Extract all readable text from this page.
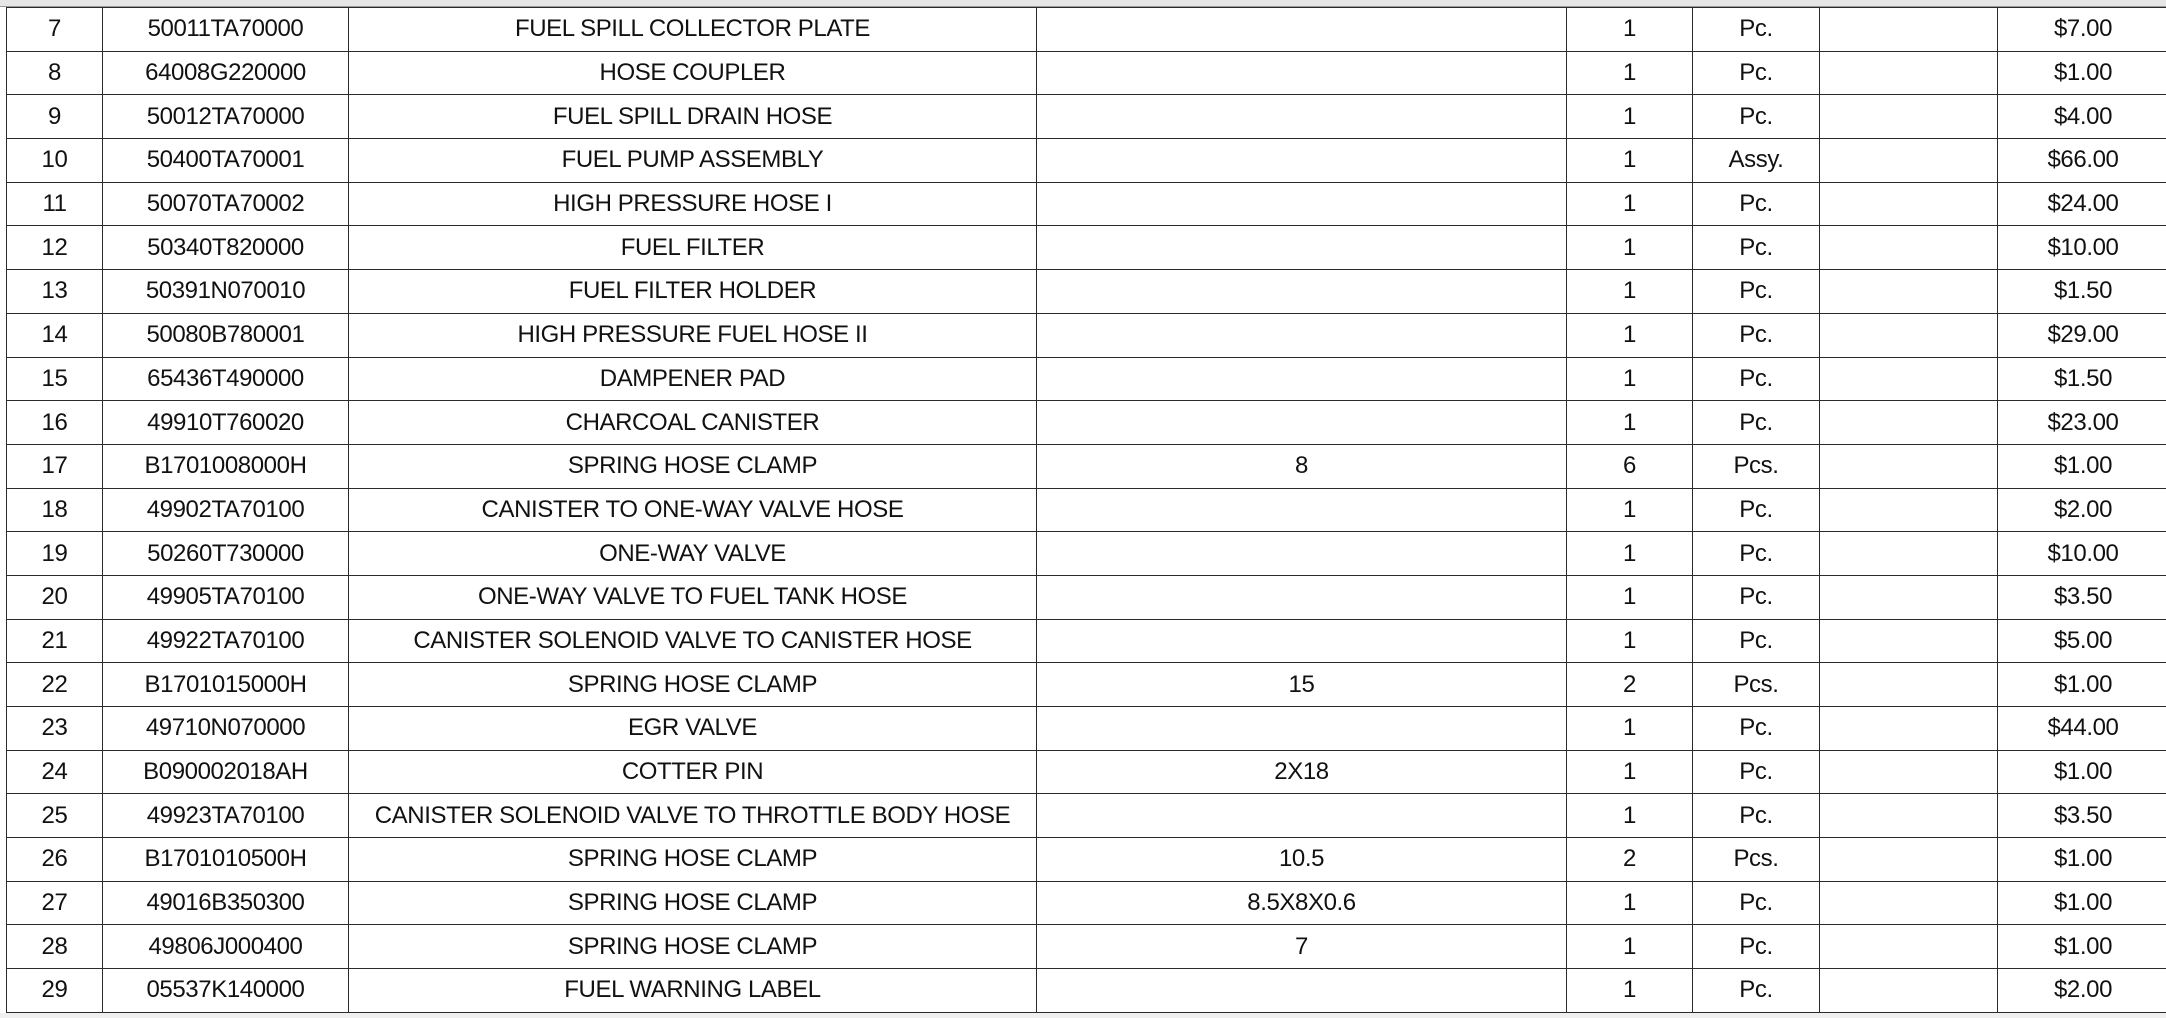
7	50011TA70000	FUEL SPILL COLLECTOR PLATE		1	Pc.		$7.00
8	64008G220000	HOSE COUPLER		1	Pc.		$1.00
9	50012TA70000	FUEL SPILL DRAIN HOSE		1	Pc.		$4.00
10	50400TA70001	FUEL PUMP ASSEMBLY		1	Assy.		$66.00
11	50070TA70002	HIGH PRESSURE HOSE I		1	Pc.		$24.00
12	50340T820000	FUEL FILTER		1	Pc.		$10.00
13	50391N070010	FUEL FILTER HOLDER		1	Pc.		$1.50
14	50080B780001	HIGH PRESSURE FUEL HOSE II		1	Pc.		$29.00
15	65436T490000	DAMPENER PAD		1	Pc.		$1.50
16	49910T760020	CHARCOAL CANISTER		1	Pc.		$23.00
17	B1701008000H	SPRING HOSE CLAMP	8	6	Pcs.		$1.00
18	49902TA70100	CANISTER TO ONE-WAY VALVE HOSE		1	Pc.		$2.00
19	50260T730000	ONE-WAY VALVE		1	Pc.		$10.00
20	49905TA70100	ONE-WAY VALVE TO FUEL TANK HOSE		1	Pc.		$3.50
21	49922TA70100	CANISTER SOLENOID VALVE TO CANISTER HOSE		1	Pc.		$5.00
22	B1701015000H	SPRING HOSE CLAMP	15	2	Pcs.		$1.00
23	49710N070000	EGR VALVE		1	Pc.		$44.00
24	B090002018AH	COTTER PIN	2X18	1	Pc.		$1.00
25	49923TA70100	CANISTER SOLENOID VALVE TO THROTTLE BODY HOSE		1	Pc.		$3.50
26	B1701010500H	SPRING HOSE CLAMP	10.5	2	Pcs.		$1.00
27	49016B350300	SPRING HOSE CLAMP	8.5X8X0.6	1	Pc.		$1.00
28	49806J000400	SPRING HOSE CLAMP	7	1	Pc.		$1.00
29	05537K140000	FUEL WARNING LABEL		1	Pc.		$2.00
